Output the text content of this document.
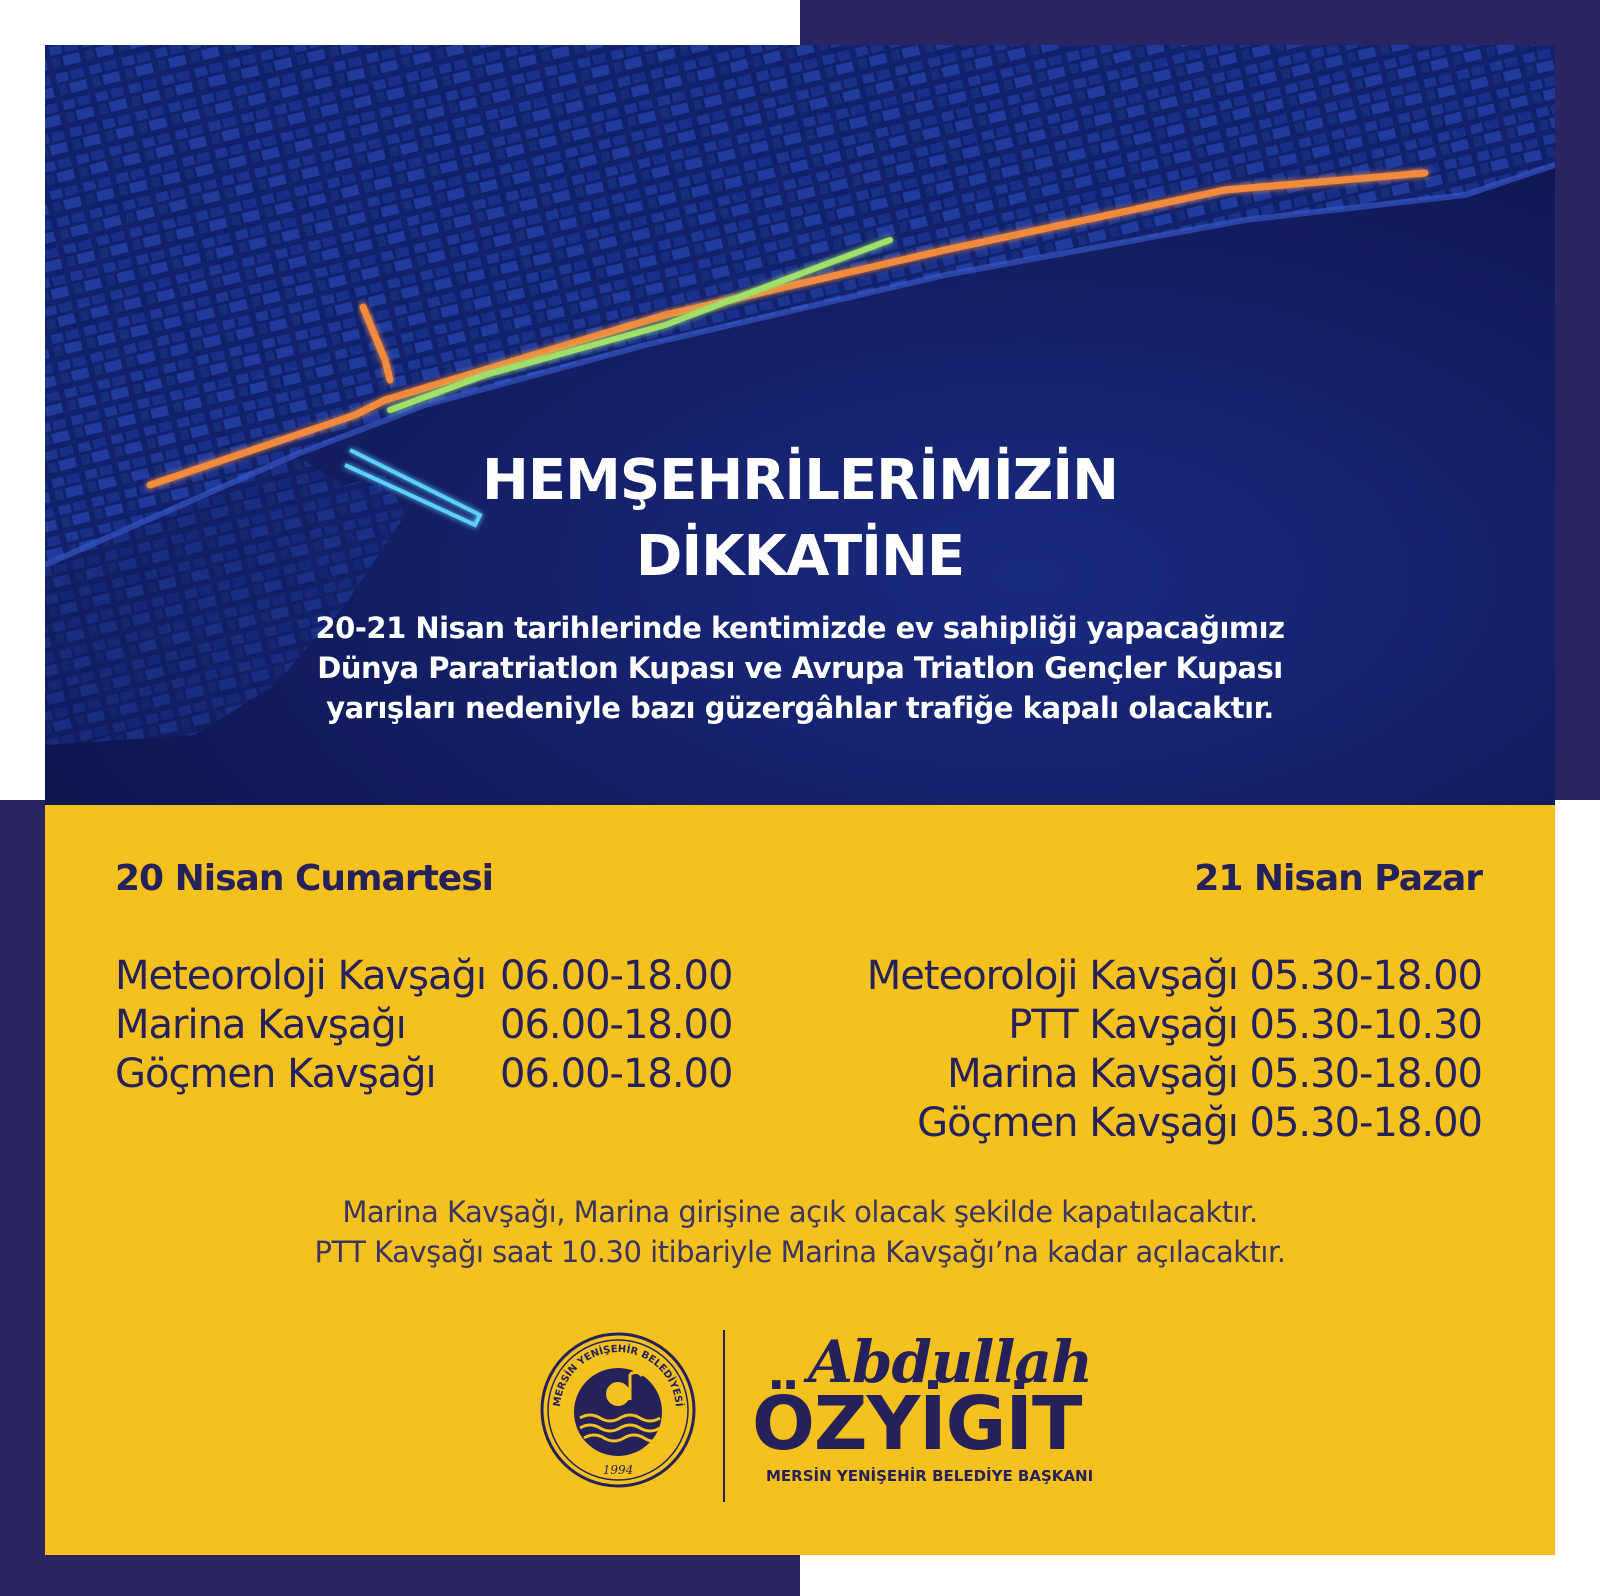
HEMŞEHRİLERİMİZİN
DİKKATİNE
20-21 Nisan tarihlerinde kentimizde ev sahipliği yapacağımız
Dünya Paratriatlon Kupası ve Avrupa Triatlon Gençler Kupası
yarışları nedeniyle bazı güzergâhlar trafiğe kapalı olacaktır.
20 Nisan Cumartesi	21 Nisan Pazar
Meteoroloji Kavşağı 06.00-18.00
Marina Kavşağı	06.00-18.00
Göçmen Kavşağı	06.00-18.00
Meteoroloji Kavşağı 05.30-18.00
PTT Kavşağı 05.30-10.30
Marina Kavşağı 05.30-18.00
Göçmen Kavşağı 05.30-18.00
Marina Kavşağı, Marina girişine açık olacak şekilde kapatılacaktır.
PTT Kavşağı saat 10.30 itibariyle Marina Kavşağı’na kadar açılacaktır.
MERSİN YENİŞEHİR BELEDİYESİ
1994
Abdullah
ÖZYİGİT
MERSİN YENİŞEHİR BELEDİYE BAŞKANI
